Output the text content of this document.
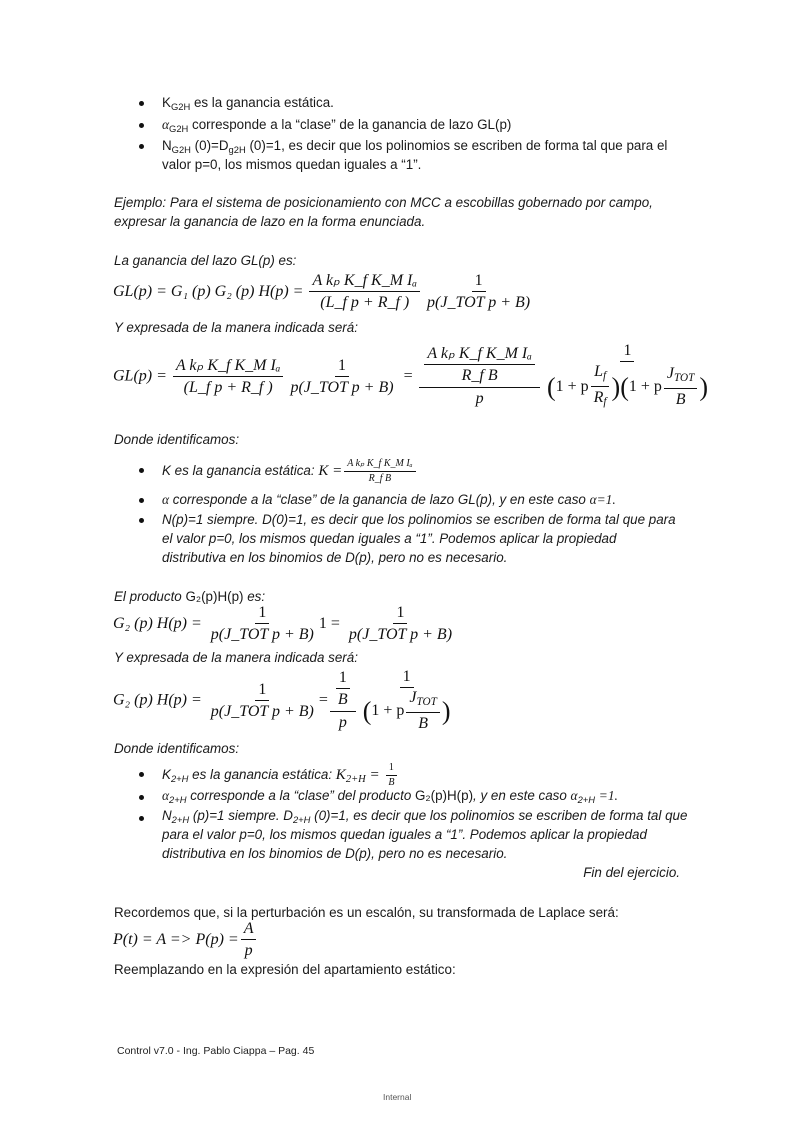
$K_{G2H}$ es la ganancia estática.
$\alpha_{G2H}$ corresponde a la “clase” de la ganancia de lazo GL(p)
$N_{G2H}$ $(0)=D_{g2H}$ (0)=1, es decir que los polinomios se escriben de forma tal que para el
valor p=0, los mismos quedan iguales a “1”.
Ejemplo: Para el sistema de posicionamiento con MCC a escobillas gobernado por campo,
expresar la ganancia de lazo en la forma enunciada.
La ganancia del lazo GL(p) es:
GL(p) = G₁ (p) G₂ (p) $H(p) = \frac{\text{A kₚ K\_f K\_M Iₐ}}{\text{(L\_f p + R\_f )}} \frac{1}{\text{p(J\_TOT p + B)}}$
Y expresada de la manera indicada será:
$GL(p) = \frac{\text{A kₚ K\_f K\_M Iₐ}}{\text{(L\_f p + R\_f )}} \frac{1}{\text{p(J\_TOT p + B)}} = \frac{\frac{\text{A kₚ K\_f K\_M Iₐ}}{\text{R\_f B}}}{p} \frac{1}{(1 + p \frac{L_f}{R_f} )(1 + p \frac{J_{TOT}}{B} )}$
Donde identificamos:
K es la ganancia estática: $K = \frac{\text{A kₚ K\_f K\_M Iₐ}}{\text{R\_f B}}$
α corresponde a la “clase” de la ganancia de lazo GL(p), y en este caso α=1.
N(p)=1 siempre. D(0)=1, es decir que los polinomios se escriben de forma tal que para
el valor p=0, los mismos quedan iguales a “1”. Podemos aplicar la propiedad
distributiva en los binomios de D(p), pero no es necesario.
El producto G₂(p)H(p) es:
G₂ (p) $H(p) = \frac{1}{\text{p(J\_TOT p + B)}} 1 = \frac{1}{\text{p(J\_TOT p + B)}}$
Y expresada de la manera indicada será:
G₂ (p) $H(p) = \frac{1}{\text{p(J\_TOT p + B)}} = \frac{\frac{1}{B}}{p} \frac{1}{(1 + p \frac{J_{TOT}}{B} )}$
Donde identificamos:
$K_{2+H}$ es la ganancia estática: $K_{2+H} = \frac{1}{B}$
$\alpha_{2+H}$ corresponde a la “clase” del producto G₂(p)H(p), y en este caso $\alpha_{2+H} =1$.
$N_{2+H}$ (p)=1 siempre. $D_{2+H}$ (0)=1, es decir que los polinomios se escriben de forma tal que
para el valor p=0, los mismos quedan iguales a “1”. Podemos aplicar la propiedad
distributiva en los binomios de D(p), pero no es necesario.
Fin del ejercicio.
Recordemos que, si la perturbación es un escalón, su transformada de Laplace será:
$P(t) = A => P(p) = \frac{A}{p}$
Reemplazando en la expresión del apartamiento estático:
Control v7.0 - Ing. Pablo Ciappa – Pag. 45
Internal
